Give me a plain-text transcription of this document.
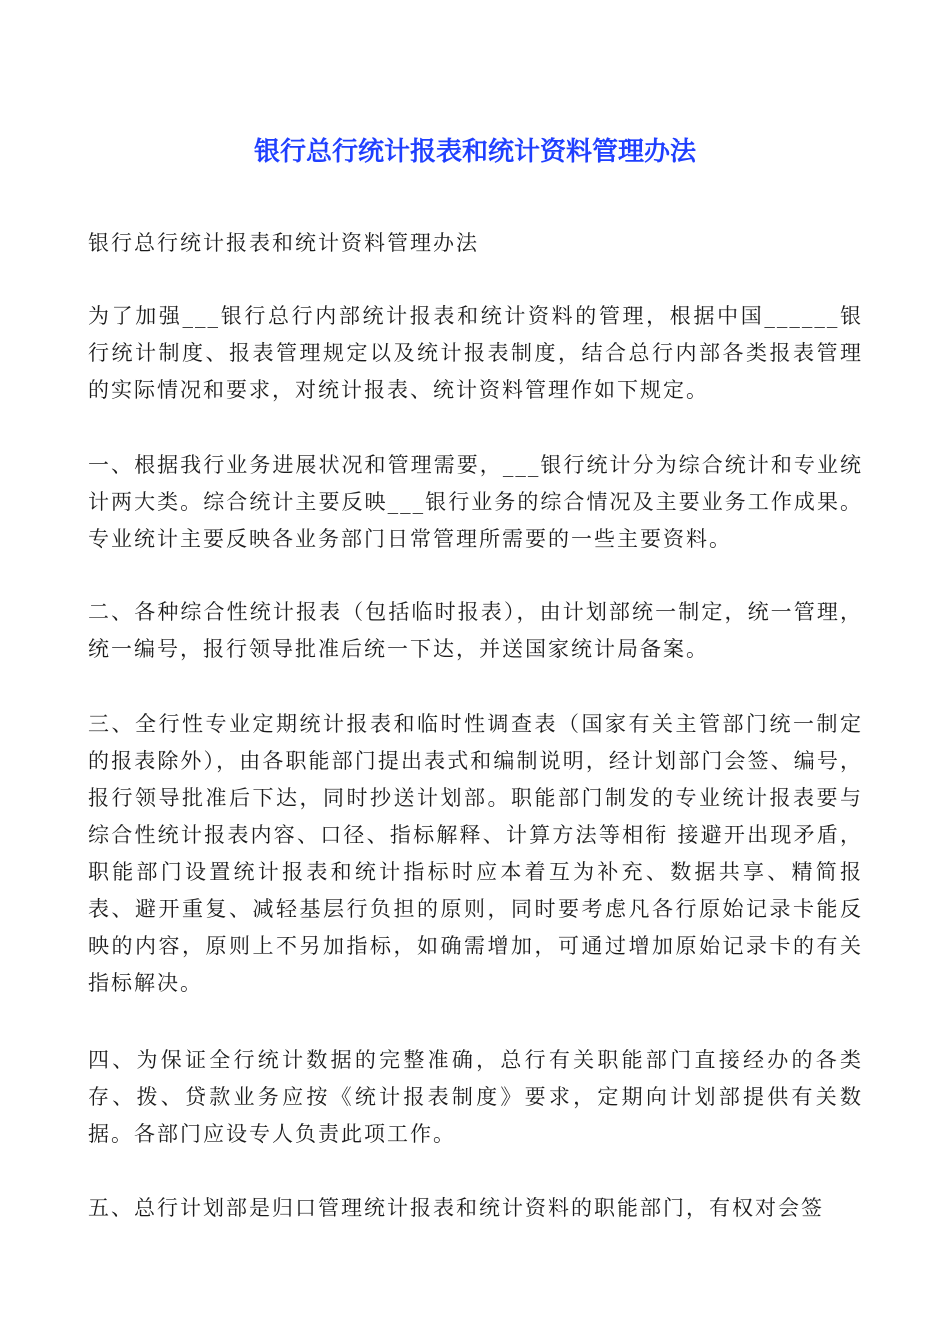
银行总行统计报表和统计资料管理办法

银行总行统计报表和统计资料管理办法

为了加强___银行总行内部统计报表和统计资料的管理，根据中国______银行统计制度、报表管理规定以及统计报表制度，结合总行内部各类报表管理的实际情况和要求，对统计报表、统计资料管理作如下规定。

一、根据我行业务进展状况和管理需要，___银行统计分为综合统计和专业统计两大类。综合统计主要反映___银行业务的综合情况及主要业务工作成果。专业统计主要反映各业务部门日常管理所需要的一些主要资料。

二、各种综合性统计报表（包括临时报表），由计划部统一制定，统一管理，统一编号，报行领导批准后统一下达，并送国家统计局备案。

三、全行性专业定期统计报表和临时性调查表（国家有关主管部门统一制定的报表除外），由各职能部门提出表式和编制说明，经计划部门会签、编号，报行领导批准后下达，同时抄送计划部。职能部门制发的专业统计报表要与综合性统计报表内容、口径、指标解释、计算方法等相衔 接避开出现矛盾，职能部门设置统计报表和统计指标时应本着互为补充、数据共享、精简报表、避开重复、减轻基层行负担的原则，同时要考虑凡各行原始记录卡能反映的内容，原则上不另加指标，如确需增加，可通过增加原始记录卡的有关指标解决。

四、为保证全行统计数据的完整准确，总行有关职能部门直接经办的各类存、拨、贷款业务应按《统计报表制度》要求，定期向计划部提供有关数据。各部门应设专人负责此项工作。

五、总行计划部是归口管理统计报表和统计资料的职能部门，有权对会签
